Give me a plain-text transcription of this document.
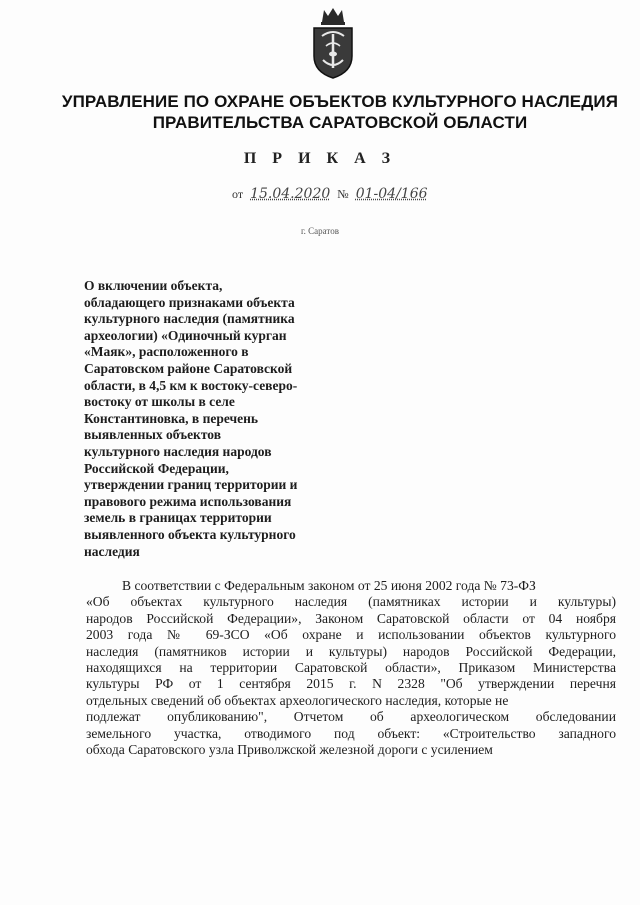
УПРАВЛЕНИЕ ПО ОХРАНЕ ОБЪЕКТОВ КУЛЬТУРНОГО НАСЛЕДИЯ
ПРАВИТЕЛЬСТВА САРАТОВСКОЙ ОБЛАСТИ
П Р И К А З
от 15.04.2020 № 01-04/166
г. Саратов
О включении объекта,
обладающего признаками объекта
культурного наследия (памятника
археологии) «Одиночный курган
«Маяк», расположенного в
Саратовском районе Саратовской
области, в 4,5 км к востоку-северо-
востоку от школы в селе
Константиновка, в перечень
выявленных объектов
культурного наследия народов
Российской Федерации,
утверждении границ территории и
правового режима использования
земель в границах территории
выявленного объекта культурного
наследия
В соответствии с Федеральным законом от 25 июня 2002 года № 73-ФЗ
«Об объектах культурного наследия (памятниках истории и культуры)
народов Российской Федерации», Законом Саратовской области от 04 ноября
2003 года № 69-ЗСО «Об охране и использовании объектов культурного
наследия (памятников истории и культуры) народов Российской Федерации,
находящихся на территории Саратовской области», Приказом Министерства
культуры РФ от 1 сентября 2015 г. N 2328 "Об утверждении перечня
отдельных сведений об объектах археологического наследия, которые не
подлежат опубликованию", Отчетом об археологическом обследовании
земельного участка, отводимого под объект: «Строительство западного
обхода Саратовского узла Приволжской железной дороги с усилением
